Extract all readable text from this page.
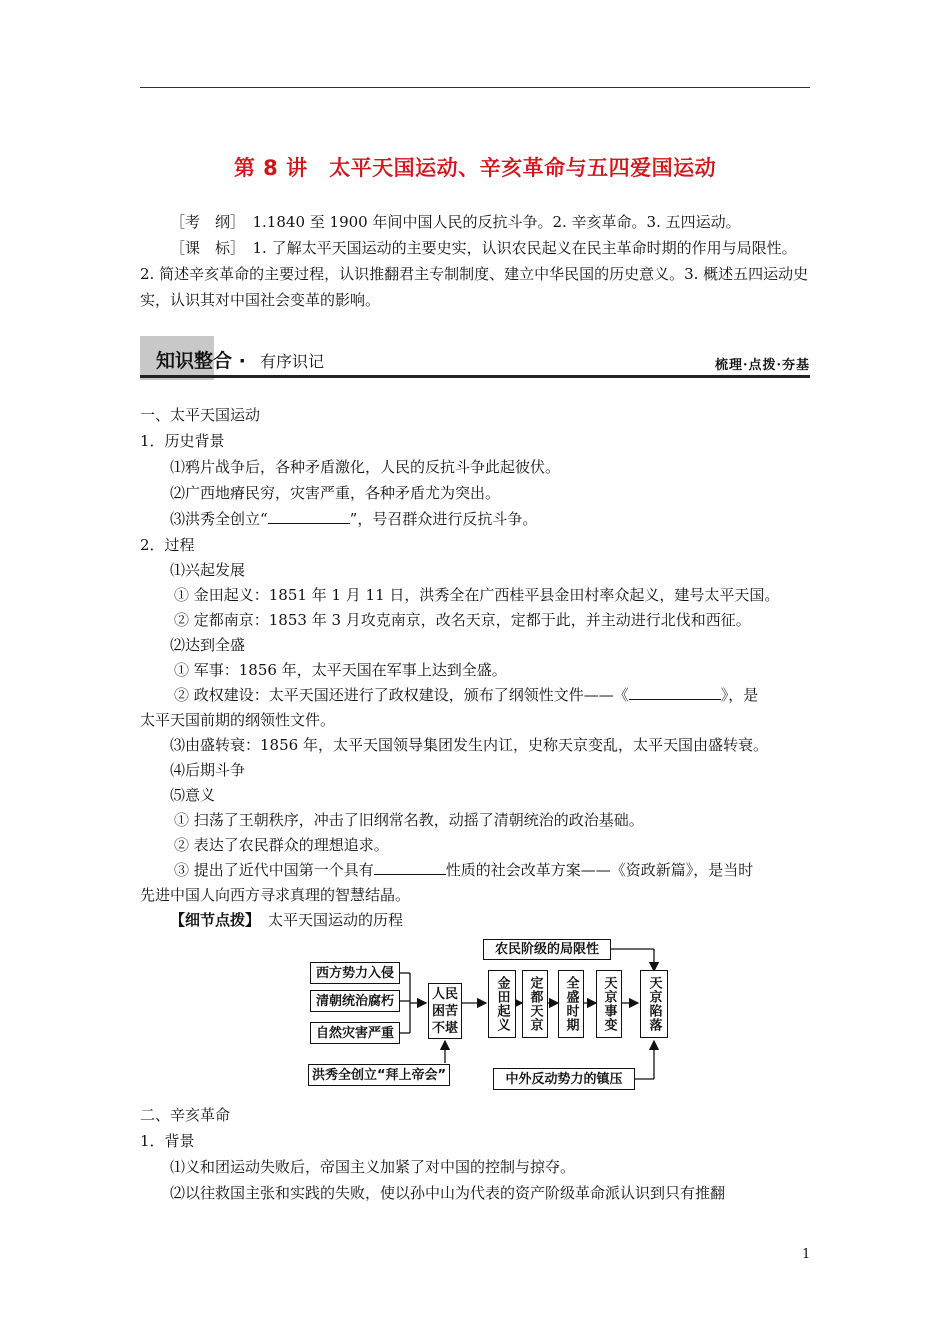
第 8 讲　太平天国运动、辛亥革命与五四爱国运动
［考　纲］　1.1840 至 1900 年间中国人民的反抗斗争。2. 辛亥革命。3. 五四运动。
［课　标］　1. 了解太平天国运动的主要史实，认识农民起义在民主革命时期的作用与局限性。2. 简述辛亥革命的主要过程，认识推翻君主专制制度、建立中华民国的历史意义。3. 概述五四运动史实，认识其对中国社会变革的影响。
知识整合 · 有序识记	梳理·点拨·夯基
一、太平天国运动
1．历史背景
⑴鸦片战争后，各种矛盾激化，人民的反抗斗争此起彼伏。
⑵广西地瘠民穷，灾害严重，各种矛盾尤为突出。
⑶洪秀全创立“	”，号召群众进行反抗斗争。
2．过程
⑴兴起发展
① 金田起义：1851 年 1 月 11 日，洪秀全在广西桂平县金田村率众起义，建号太平天国。
② 定都南京：1853 年 3 月攻克南京，改名天京，定都于此，并主动进行北伐和西征。
⑵达到全盛
① 军事：1856 年，太平天国在军事上达到全盛。
② 政权建设：太平天国还进行了政权建设，颁布了纲领性文件——《	》，是
太平天国前期的纲领性文件。
⑶由盛转衰：1856 年，太平天国领导集团发生内讧，史称天京变乱，太平天国由盛转衰。
⑷后期斗争
⑸意义
① 扫荡了王朝秩序，冲击了旧纲常名教，动摇了清朝统治的政治基础。
② 表达了农民群众的理想追求。
③ 提出了近代中国第一个具有	性质的社会改革方案——《资政新篇》，是当时
先进中国人向西方寻求真理的智慧结晶。
【细节点拨】 太平天国运动的历程
西方势力入侵
清朝统治腐朽
自然灾害严重
人民困苦不堪
洪秀全创立“拜上帝会”
金田起义	定都天京	全盛时期	天京事变	天京陷落
农民阶级的局限性
中外反动势力的镇压
二、辛亥革命
1．背景
⑴义和团运动失败后，帝国主义加紧了对中国的控制与掠夺。
⑵以往救国主张和实践的失败，使以孙中山为代表的资产阶级革命派认识到只有推翻
1
